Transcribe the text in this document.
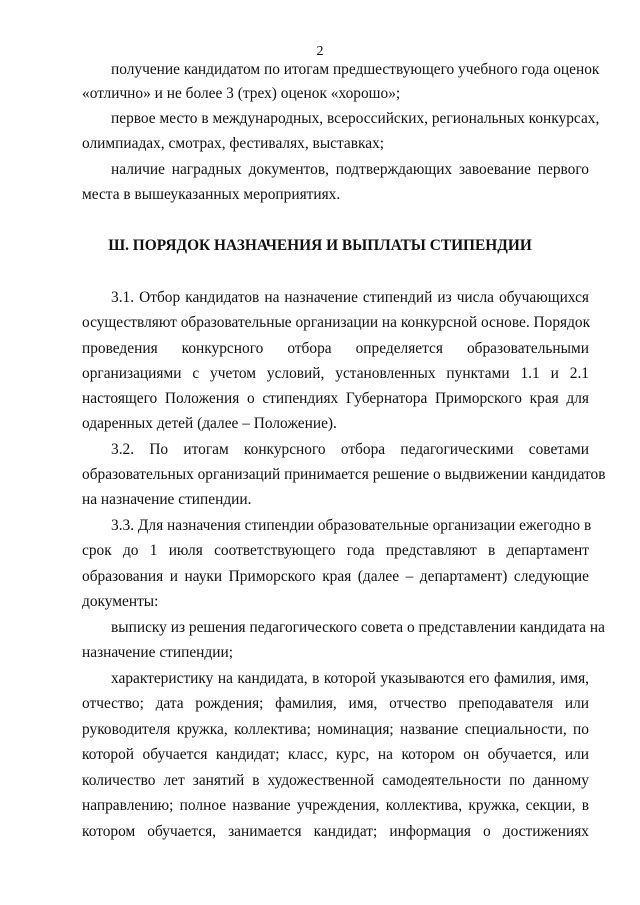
2
получение кандидатом по итогам предшествующего учебного года оценок
«отлично» и не более 3 (трех) оценок «хорошо»;
первое место в международных, всероссийских, региональных конкурсах,
олимпиадах, смотрах, фестивалях, выставках;
наличие наградных документов, подтверждающих завоевание первого
места в вышеуказанных мероприятиях.
Ш. ПОРЯДОК НАЗНАЧЕНИЯ И ВЫПЛАТЫ СТИПЕНДИИ
3.1. Отбор кандидатов на назначение стипендий из числа обучающихся
осуществляют образовательные организации на конкурсной основе. Порядок
проведения конкурсного отбора определяется образовательными
организациями с учетом условий, установленных пунктами 1.1 и 2.1
настоящего Положения о стипендиях Губернатора Приморского края для
одаренных детей (далее – Положение).
3.2. По итогам конкурсного отбора педагогическими советами
образовательных организаций принимается решение о выдвижении кандидатов
на назначение стипендии.
3.3. Для назначения стипендии образовательные организации ежегодно в
срок до 1 июля соответствующего года представляют в департамент
образования и науки Приморского края (далее – департамент) следующие
документы:
выписку из решения педагогического совета о представлении кандидата на
назначение стипендии;
характеристику на кандидата, в которой указываются его фамилия, имя,
отчество; дата рождения; фамилия, имя, отчество преподавателя или
руководителя кружка, коллектива; номинация; название специальности, по
которой обучается кандидат; класс, курс, на котором он обучается, или
количество лет занятий в художественной самодеятельности по данному
направлению; полное название учреждения, коллектива, кружка, секции, в
котором обучается, занимается кандидат; информация о достижениях
